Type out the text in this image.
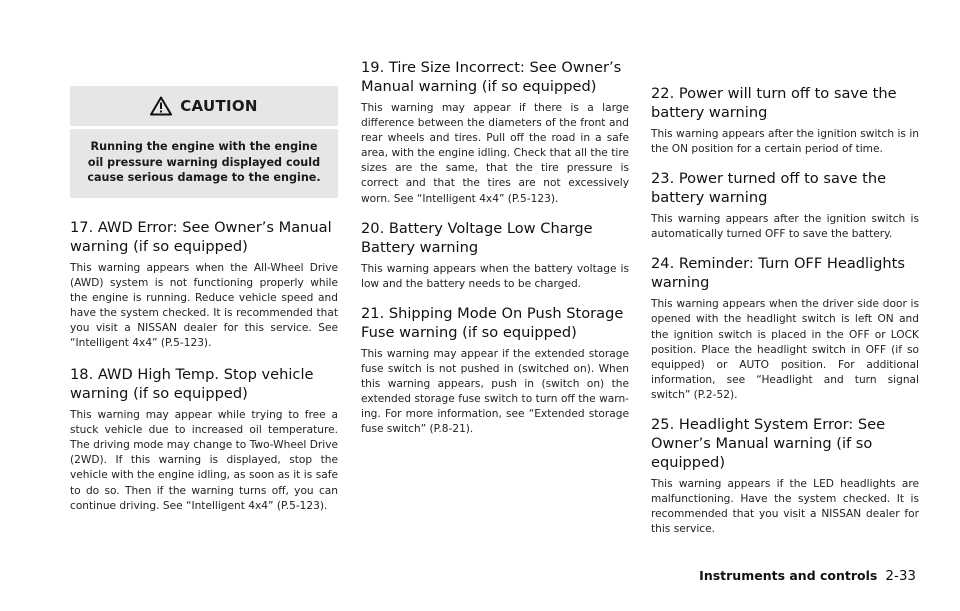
CAUTION
Running the engine with the engine oil pressure warning displayed could cause serious damage to the engine.
17. AWD Error: See Owner’s Manual warning (if so equipped)

This warning appears when the All-Wheel Drive (AWD) system is not functioning properly while the engine is running. Reduce vehicle speed and have the system checked. It is recommended that you visit a NISSAN dealer for this service. See “Intelligent 4x4” (P.5-123).

18. AWD High Temp. Stop vehicle warning (if so equipped)

This warning may appear while trying to free a stuck vehicle due to increased oil temperature. The driving mode may change to Two-Wheel Drive (2WD). If this warning is displayed, stop the vehicle with the engine idling, as soon as it is safe to do so. Then if the warning turns off, you can continue driving. See “Intelligent 4x4” (P.5-123).

19. Tire Size Incorrect: See Owner’s Manual warning (if so equipped)

This warning may appear if there is a large difference between the diameters of the front and rear wheels and tires. Pull off the road in a safe area, with the engine idling. Check that all the tire sizes are the same, that the tire pressure is correct and that the tires are not excessively worn. See “Intelligent 4x4” (P.5-123).

20. Battery Voltage Low Charge Battery warning

This warning appears when the battery voltage is low and the battery needs to be charged.

21. Shipping Mode On Push Storage Fuse warning (if so equipped)

This warning may appear if the extended storage fuse switch is not pushed in (switched on). When this warning appears, push in (switch on) the extended storage fuse switch to turn off the warning. For more information, see “Extended storage fuse switch” (P.8-21).

22. Power will turn off to save the battery warning

This warning appears after the ignition switch is in the ON position for a certain period of time.

23. Power turned off to save the battery warning

This warning appears after the ignition switch is automatically turned OFF to save the battery.

24. Reminder: Turn OFF Headlights warning

This warning appears when the driver side door is opened with the headlight switch is left ON and the ignition switch is placed in the OFF or LOCK position. Place the headlight switch in OFF (if so equipped) or AUTO position. For additional information, see “Headlight and turn signal switch” (P.2-52).

25. Headlight System Error: See Owner’s Manual warning (if so equipped)

This warning appears if the LED headlights are malfunctioning. Have the system checked. It is recommended that you visit a NISSAN dealer for this service.

Instruments and controls 2-33
